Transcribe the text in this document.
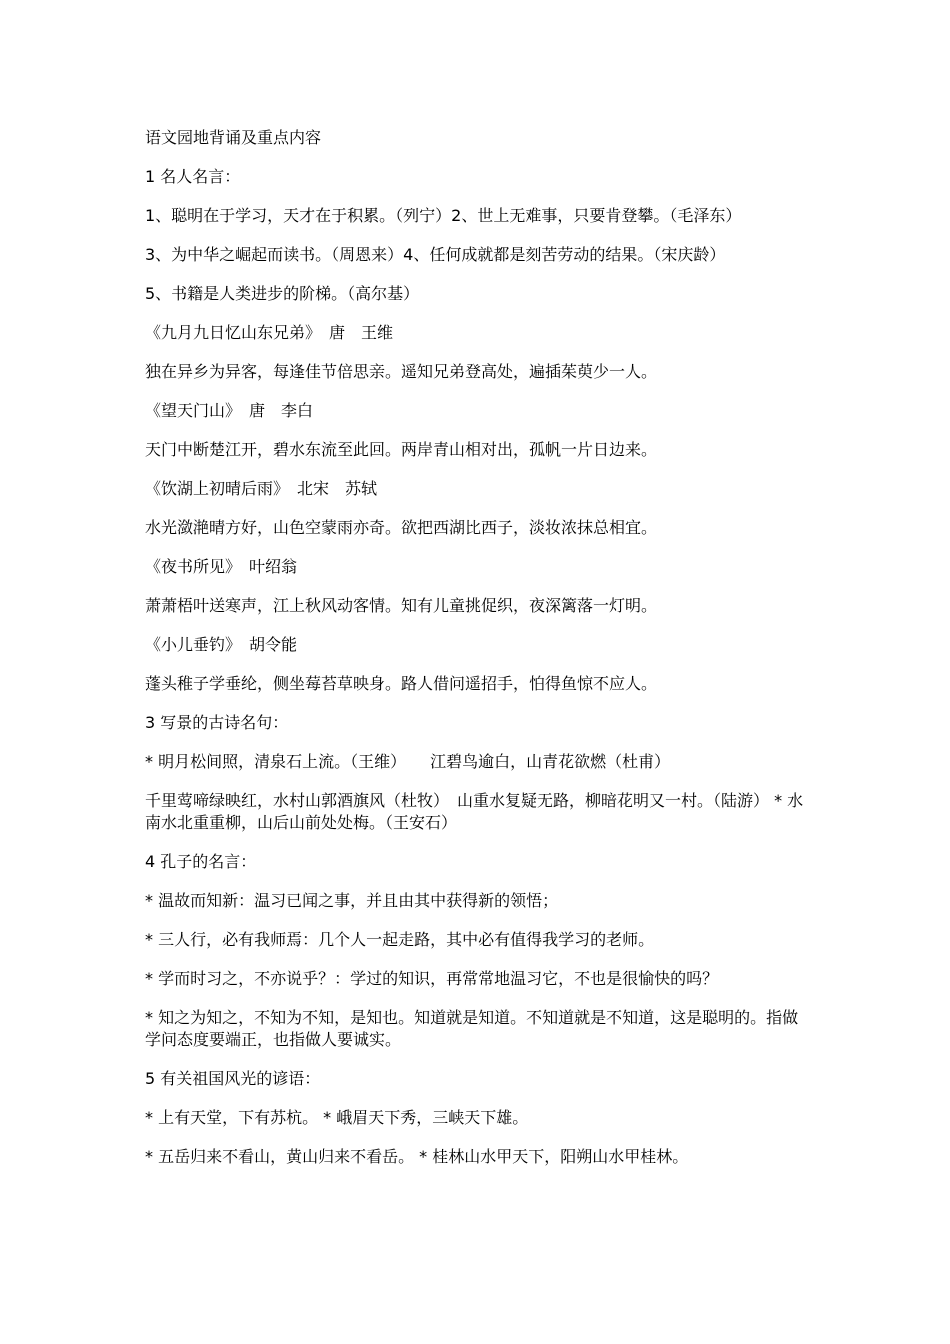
语文园地背诵及重点内容

1 名人名言：

1、聪明在于学习，天才在于积累。（列宁）2、世上无难事，只要肯登攀。（毛泽东）

3、为中华之崛起而读书。（周恩来）4、任何成就都是刻苦劳动的结果。（宋庆龄）

5、书籍是人类进步的阶梯。（高尔基）

《九月九日忆山东兄弟》　唐　王维

独在异乡为异客，每逢佳节倍思亲。遥知兄弟登高处，遍插茱萸少一人。

《望天门山》　唐　李白

天门中断楚江开，碧水东流至此回。两岸青山相对出，孤帆一片日边来。

《饮湖上初晴后雨》　北宋　苏轼

水光潋滟晴方好，山色空蒙雨亦奇。欲把西湖比西子，淡妆浓抹总相宜。

《夜书所见》　叶绍翁

萧萧梧叶送寒声，江上秋风动客情。知有儿童挑促织，夜深篱落一灯明。

《小儿垂钓》　胡令能

蓬头稚子学垂纶，侧坐莓苔草映身。路人借问遥招手，怕得鱼惊不应人。

3 写景的古诗名句：

* 明月松间照，清泉石上流。（王维）　　江碧鸟逾白，山青花欲燃（杜甫）

千里莺啼绿映红，水村山郭酒旗风（杜牧）　山重水复疑无路，柳暗花明又一村。（陆游） * 水南水北重重柳，山后山前处处梅。（王安石）

4 孔子的名言：

* 温故而知新：温习已闻之事，并且由其中获得新的领悟；

* 三人行，必有我师焉：几个人一起走路，其中必有值得我学习的老师。

* 学而时习之，不亦说乎？：学过的知识，再常常地温习它，不也是很愉快的吗？

* 知之为知之，不知为不知，是知也。知道就是知道。不知道就是不知道，这是聪明的。指做学问态度要端正，也指做人要诚实。

5 有关祖国风光的谚语：

* 上有天堂，下有苏杭。 * 峨眉天下秀，三峡天下雄。

* 五岳归来不看山，黄山归来不看岳。 * 桂林山水甲天下，阳朔山水甲桂林。
